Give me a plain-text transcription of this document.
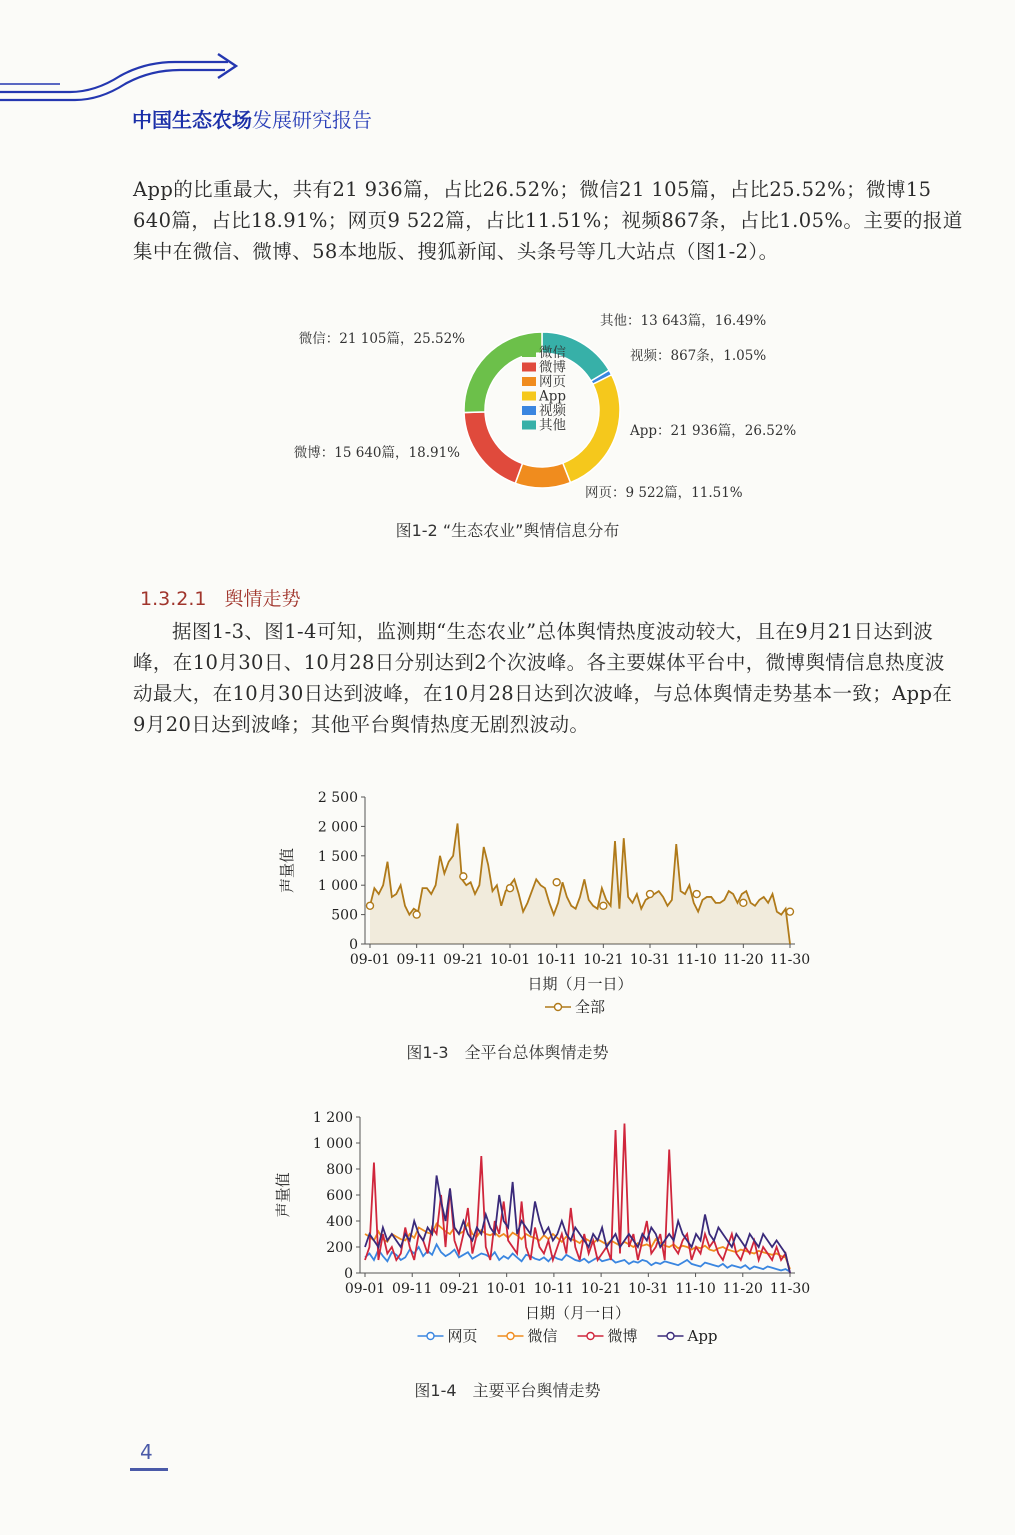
中国生态农场发展研究报告

App的比重最大，共有21 936篇，占比26.52%；微信21 105篇，占比25.52%；微博15 640篇，占比18.91%；网页9 522篇，占比11.51%；视频867条，占比1.05%。主要的报道集中在微信、微博、58本地版、搜狐新闻、头条号等几大站点（图1-2）。

其他：13 643篇，16.49%
视频：867条，1.05%
App：21 936篇，26.52%
网页：9 522篇，11.51%
微博：15 640篇，18.91%
微信：21 105篇，25.52%
微信
微博
网页
App
视频
其他
图1-2 “生态农业”舆情信息分布
1.3.2.1 舆情走势

据图1-3、图1-4可知，监测期“生态农业”总体舆情热度波动较大，且在9月21日达到波峰，在10月30日、10月28日分别达到2个次波峰。各主要媒体平台中，微博舆情信息热度波动最大，在10月30日达到波峰，在10月28日达到次波峰，与总体舆情走势基本一致；App在9月20日达到波峰；其他平台舆情热度无剧烈波动。

0
500
1 000
1 500
2 000
2 500
09-01 09-11 09-21 10-01 10-11 10-21 10-31 11-10 11-20 11-30
声量值
日期（月一日）
全部
图1-3　全平台总体舆情走势
0
200
400
600
800
1 000
1 200
09-01 09-11 09-21 10-01 10-11 10-21 10-31 11-10 11-20 11-30
声量值
日期（月一日）
网页	微信	微博	App
图1-4　主要平台舆情走势
4
